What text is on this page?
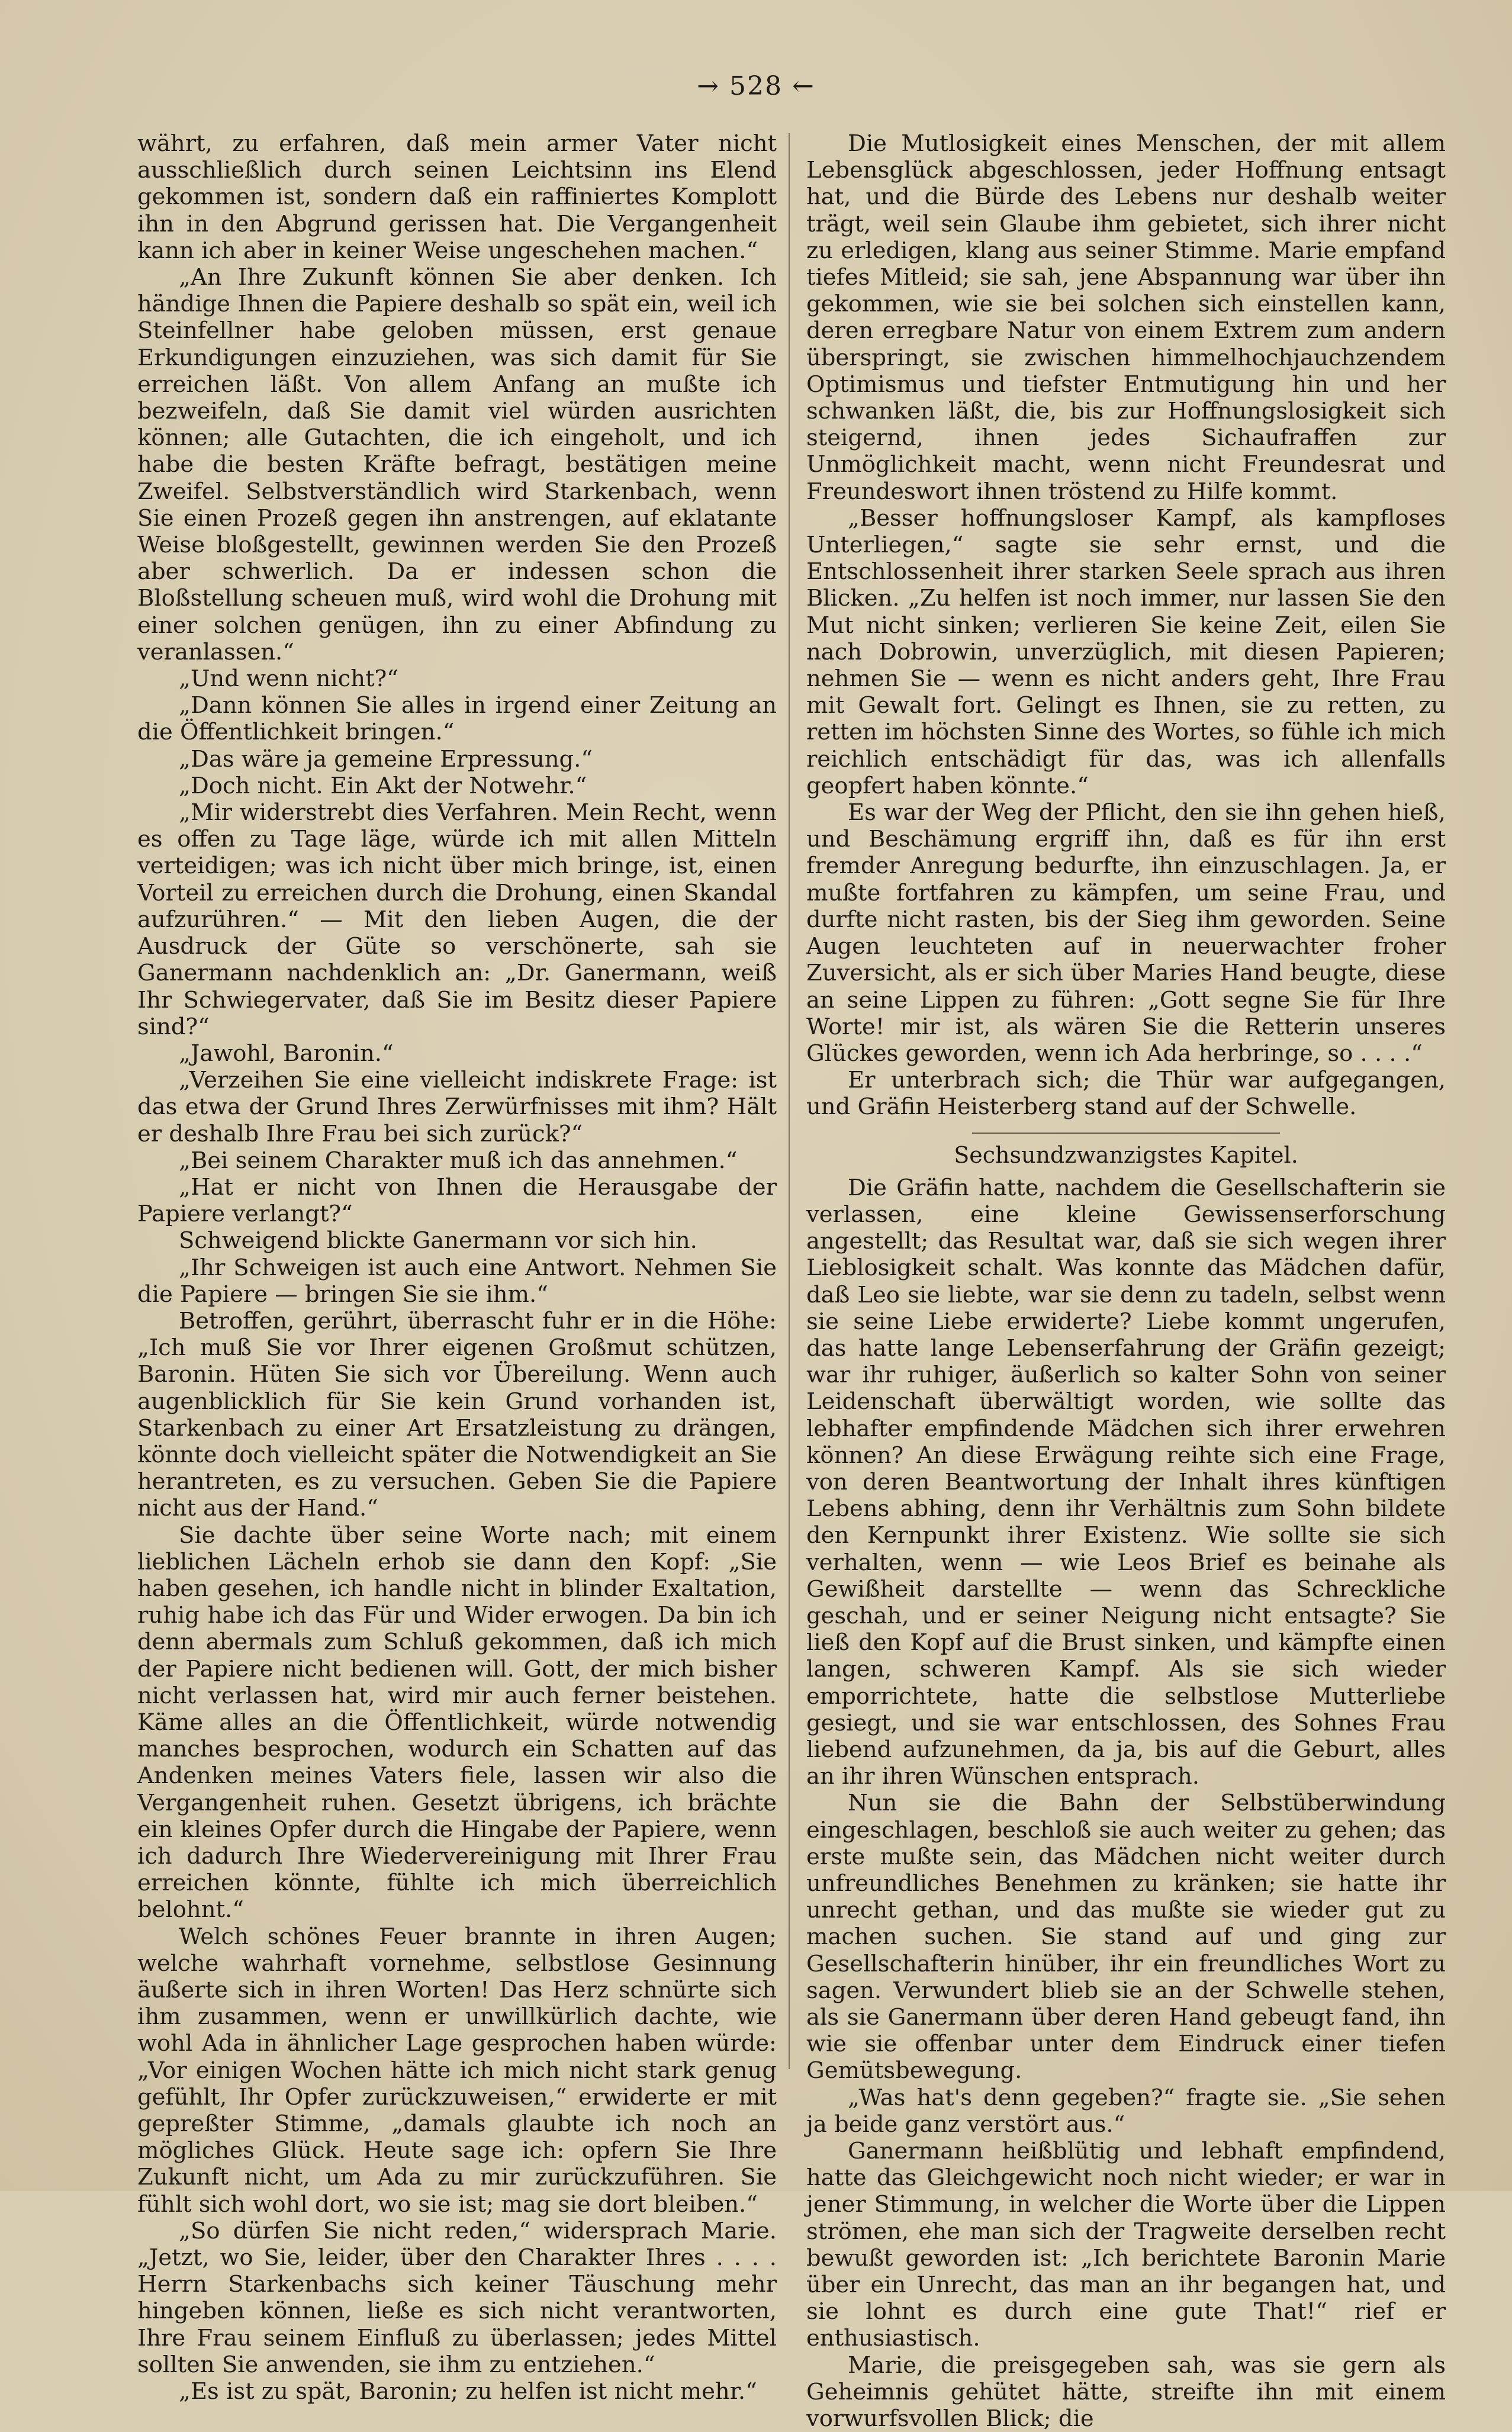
→ 528 ←

währt, zu erfahren, daß mein armer Vater nicht ausschließlich durch seinen Leichtsinn ins Elend gekommen ist, sondern daß ein raffiniertes Komplott ihn in den Abgrund gerissen hat. Die Vergangenheit kann ich aber in keiner Weise ungeschehen machen.“

„An Ihre Zukunft können Sie aber denken. Ich händige Ihnen die Papiere deshalb so spät ein, weil ich Steinfellner habe geloben müssen, erst genaue Erkundigungen einzuziehen, was sich damit für Sie erreichen läßt. Von allem Anfang an mußte ich bezweifeln, daß Sie damit viel würden ausrichten können; alle Gutachten, die ich eingeholt, und ich habe die besten Kräfte befragt, bestätigen meine Zweifel. Selbstverständlich wird Starkenbach, wenn Sie einen Prozeß gegen ihn anstrengen, auf eklatante Weise bloßgestellt, gewinnen werden Sie den Prozeß aber schwerlich. Da er indessen schon die Bloßstellung scheuen muß, wird wohl die Drohung mit einer solchen genügen, ihn zu einer Abfindung zu veranlassen.“

„Und wenn nicht?“

„Dann können Sie alles in irgend einer Zeitung an die Öffentlichkeit bringen.“

„Das wäre ja gemeine Erpressung.“

„Doch nicht. Ein Akt der Notwehr.“

„Mir widerstrebt dies Verfahren. Mein Recht, wenn es offen zu Tage läge, würde ich mit allen Mitteln verteidigen; was ich nicht über mich bringe, ist, einen Vorteil zu erreichen durch die Drohung, einen Skandal aufzurühren.“ — Mit den lieben Augen, die der Ausdruck der Güte so verschönerte, sah sie Ganermann nachdenklich an: „Dr. Ganermann, weiß Ihr Schwiegervater, daß Sie im Besitz dieser Papiere sind?“

„Jawohl, Baronin.“

„Verzeihen Sie eine vielleicht indiskrete Frage: ist das etwa der Grund Ihres Zerwürfnisses mit ihm? Hält er deshalb Ihre Frau bei sich zurück?“

„Bei seinem Charakter muß ich das annehmen.“

„Hat er nicht von Ihnen die Herausgabe der Papiere verlangt?“

Schweigend blickte Ganermann vor sich hin.

„Ihr Schweigen ist auch eine Antwort. Nehmen Sie die Papiere — bringen Sie sie ihm.“

Betroffen, gerührt, überrascht fuhr er in die Höhe: „Ich muß Sie vor Ihrer eigenen Großmut schützen, Baronin. Hüten Sie sich vor Übereilung. Wenn auch augenblicklich für Sie kein Grund vorhanden ist, Starkenbach zu einer Art Ersatzleistung zu drängen, könnte doch vielleicht später die Notwendigkeit an Sie herantreten, es zu versuchen. Geben Sie die Papiere nicht aus der Hand.“

Sie dachte über seine Worte nach; mit einem lieblichen Lächeln erhob sie dann den Kopf: „Sie haben gesehen, ich handle nicht in blinder Exaltation, ruhig habe ich das Für und Wider erwogen. Da bin ich denn abermals zum Schluß gekommen, daß ich mich der Papiere nicht bedienen will. Gott, der mich bisher nicht verlassen hat, wird mir auch ferner beistehen. Käme alles an die Öffentlichkeit, würde notwendig manches besprochen, wodurch ein Schatten auf das Andenken meines Vaters fiele, lassen wir also die Vergangenheit ruhen. Gesetzt übrigens, ich brächte ein kleines Opfer durch die Hingabe der Papiere, wenn ich dadurch Ihre Wiedervereinigung mit Ihrer Frau erreichen könnte, fühlte ich mich überreichlich belohnt.“

Welch schönes Feuer brannte in ihren Augen; welche wahrhaft vornehme, selbstlose Gesinnung äußerte sich in ihren Worten! Das Herz schnürte sich ihm zusammen, wenn er unwillkürlich dachte, wie wohl Ada in ähnlicher Lage gesprochen haben würde: „Vor einigen Wochen hätte ich mich nicht stark genug gefühlt, Ihr Opfer zurückzuweisen,“ erwiderte er mit gepreßter Stimme, „damals glaubte ich noch an mögliches Glück. Heute sage ich: opfern Sie Ihre Zukunft nicht, um Ada zu mir zurückzuführen. Sie fühlt sich wohl dort, wo sie ist; mag sie dort bleiben.“

„So dürfen Sie nicht reden,“ widersprach Marie. „Jetzt, wo Sie, leider, über den Charakter Ihres . . . . Herrn Starkenbachs sich keiner Täuschung mehr hingeben können, ließe es sich nicht verantworten, Ihre Frau seinem Einfluß zu überlassen; jedes Mittel sollten Sie anwenden, sie ihm zu entziehen.“

„Es ist zu spät, Baronin; zu helfen ist nicht mehr.“

Die Mutlosigkeit eines Menschen, der mit allem Lebensglück abgeschlossen, jeder Hoffnung entsagt hat, und die Bürde des Lebens nur deshalb weiter trägt, weil sein Glaube ihm gebietet, sich ihrer nicht zu erledigen, klang aus seiner Stimme. Marie empfand tiefes Mitleid; sie sah, jene Abspannung war über ihn gekommen, wie sie bei solchen sich einstellen kann, deren erregbare Natur von einem Extrem zum andern überspringt, sie zwischen himmelhochjauchzendem Optimismus und tiefster Entmutigung hin und her schwanken läßt, die, bis zur Hoffnungslosigkeit sich steigernd, ihnen jedes Sichaufraffen zur Unmöglichkeit macht, wenn nicht Freundesrat und Freundeswort ihnen tröstend zu Hilfe kommt.

„Besser hoffnungsloser Kampf, als kampfloses Unterliegen,“ sagte sie sehr ernst, und die Entschlossenheit ihrer starken Seele sprach aus ihren Blicken. „Zu helfen ist noch immer, nur lassen Sie den Mut nicht sinken; verlieren Sie keine Zeit, eilen Sie nach Dobrowin, unverzüglich, mit diesen Papieren; nehmen Sie — wenn es nicht anders geht, Ihre Frau mit Gewalt fort. Gelingt es Ihnen, sie zu retten, zu retten im höchsten Sinne des Wortes, so fühle ich mich reichlich entschädigt für das, was ich allenfalls geopfert haben könnte.“

Es war der Weg der Pflicht, den sie ihn gehen hieß, und Beschämung ergriff ihn, daß es für ihn erst fremder Anregung bedurfte, ihn einzuschlagen. Ja, er mußte fortfahren zu kämpfen, um seine Frau, und durfte nicht rasten, bis der Sieg ihm geworden. Seine Augen leuchteten auf in neuerwachter froher Zuversicht, als er sich über Maries Hand beugte, diese an seine Lippen zu führen: „Gott segne Sie für Ihre Worte! mir ist, als wären Sie die Retterin unseres Glückes geworden, wenn ich Ada herbringe, so . . . .“

Er unterbrach sich; die Thür war aufgegangen, und Gräfin Heisterberg stand auf der Schwelle.

Sechsundzwanzigstes Kapitel.

Die Gräfin hatte, nachdem die Gesellschafterin sie verlassen, eine kleine Gewissenserforschung angestellt; das Resultat war, daß sie sich wegen ihrer Lieblosigkeit schalt. Was konnte das Mädchen dafür, daß Leo sie liebte, war sie denn zu tadeln, selbst wenn sie seine Liebe erwiderte? Liebe kommt ungerufen, das hatte lange Lebenserfahrung der Gräfin gezeigt; war ihr ruhiger, äußerlich so kalter Sohn von seiner Leidenschaft überwältigt worden, wie sollte das lebhafter empfindende Mädchen sich ihrer erwehren können? An diese Erwägung reihte sich eine Frage, von deren Beantwortung der Inhalt ihres künftigen Lebens abhing, denn ihr Verhältnis zum Sohn bildete den Kernpunkt ihrer Existenz. Wie sollte sie sich verhalten, wenn — wie Leos Brief es beinahe als Gewißheit darstellte — wenn das Schreckliche geschah, und er seiner Neigung nicht entsagte? Sie ließ den Kopf auf die Brust sinken, und kämpfte einen langen, schweren Kampf. Als sie sich wieder emporrichtete, hatte die selbstlose Mutterliebe gesiegt, und sie war entschlossen, des Sohnes Frau liebend aufzunehmen, da ja, bis auf die Geburt, alles an ihr ihren Wünschen entsprach.

Nun sie die Bahn der Selbstüberwindung eingeschlagen, beschloß sie auch weiter zu gehen; das erste mußte sein, das Mädchen nicht weiter durch unfreundliches Benehmen zu kränken; sie hatte ihr unrecht gethan, und das mußte sie wieder gut zu machen suchen. Sie stand auf und ging zur Gesellschafterin hinüber, ihr ein freundliches Wort zu sagen. Verwundert blieb sie an der Schwelle stehen, als sie Ganermann über deren Hand gebeugt fand, ihn wie sie offenbar unter dem Eindruck einer tiefen Gemütsbewegung.

„Was hat's denn gegeben?“ fragte sie. „Sie sehen ja beide ganz verstört aus.“

Ganermann heißblütig und lebhaft empfindend, hatte das Gleichgewicht noch nicht wieder; er war in jener Stimmung, in welcher die Worte über die Lippen strömen, ehe man sich der Tragweite derselben recht bewußt geworden ist: „Ich berichtete Baronin Marie über ein Unrecht, das man an ihr begangen hat, und sie lohnt es durch eine gute That!“ rief er enthusiastisch.

Marie, die preisgegeben sah, was sie gern als Geheimnis gehütet hätte, streifte ihn mit einem vorwurfsvollen Blick; die
